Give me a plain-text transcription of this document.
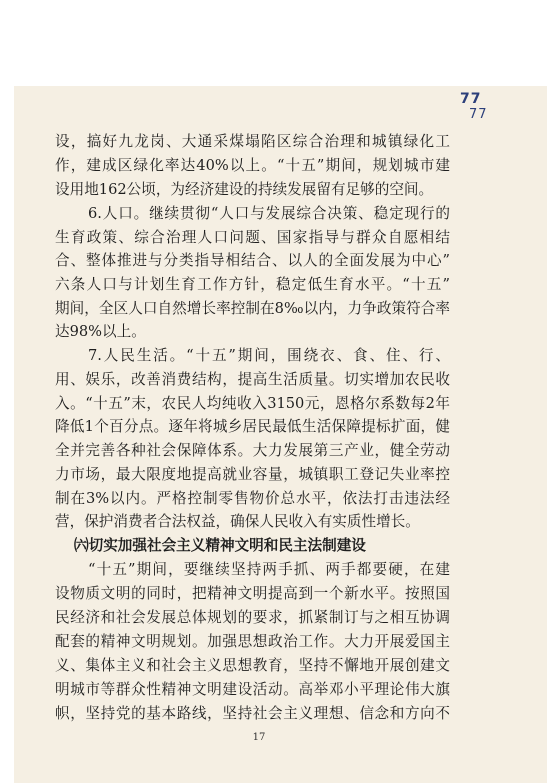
77
77
设，搞好九龙岗、大通采煤塌陷区综合治理和城镇绿化工
作，建成区绿化率达40%以上。“十五”期间，规划城市建
设用地162公顷，为经济建设的持续发展留有足够的空间。
6.人口。继续贯彻“人口与发展综合决策、稳定现行的
生育政策、综合治理人口问题、国家指导与群众自愿相结
合、整体推进与分类指导相结合、以人的全面发展为中心”
六条人口与计划生育工作方针，稳定低生育水平。“十五”
期间，全区人口自然增长率控制在8‰以内，力争政策符合率
达98%以上。
7.人民生活。“十五”期间，围绕衣、食、住、行、
用、娱乐，改善消费结构，提高生活质量。切实增加农民收
入。“十五”末，农民人均纯收入3150元，恩格尔系数每2年
降低1个百分点。逐年将城乡居民最低生活保障提标扩面，健
全并完善各种社会保障体系。大力发展第三产业，健全劳动
力市场，最大限度地提高就业容量，城镇职工登记失业率控
制在3%以内。严格控制零售物价总水平，依法打击违法经
营，保护消费者合法权益，确保人民收入有实质性增长。
㈥切实加强社会主义精神文明和民主法制建设
“十五”期间，要继续坚持两手抓、两手都要硬，在建
设物质文明的同时，把精神文明提高到一个新水平。按照国
民经济和社会发展总体规划的要求，抓紧制订与之相互协调
配套的精神文明规划。加强思想政治工作。大力开展爱国主
义、集体主义和社会主义思想教育，坚持不懈地开展创建文
明城市等群众性精神文明建设活动。高举邓小平理论伟大旗
帜，坚持党的基本路线，坚持社会主义理想、信念和方向不
17
